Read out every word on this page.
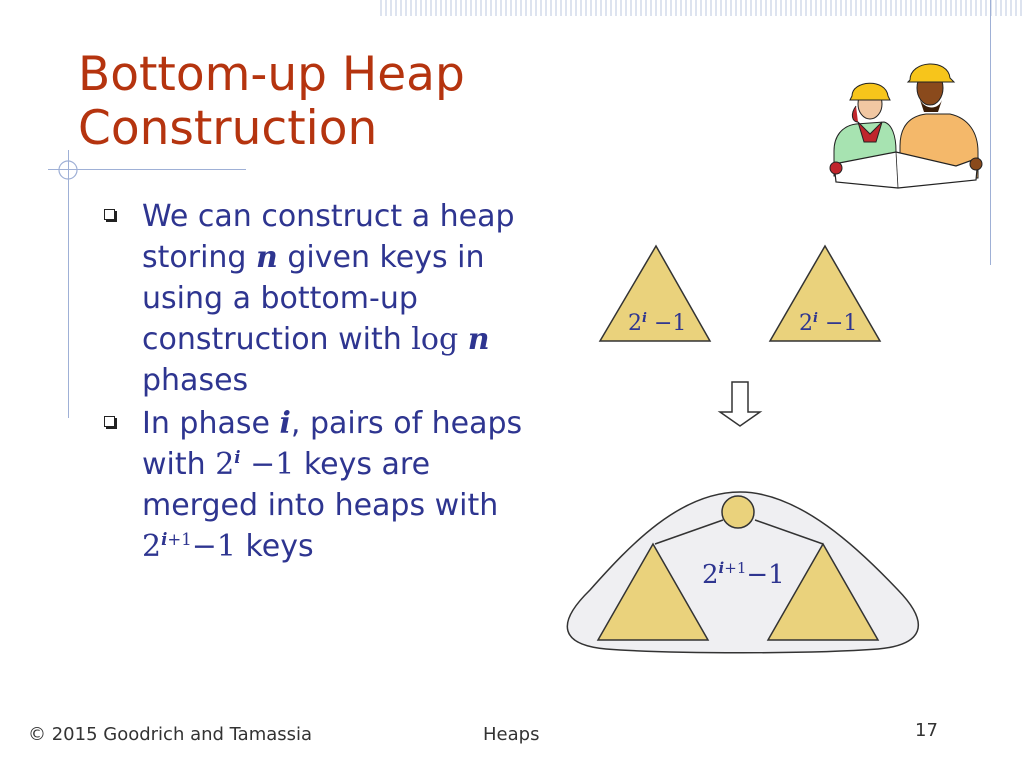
Bottom-up Heap
Construction
We can construct a heap storing n given keys in using a bottom-up construction with log n phases
In phase i, pairs of heaps with $2^i -1$ keys are merged into heaps with $2^{i+1}-1$ keys
$2^i -1$	$2^i -1$
$2^i+1-1$
© 2015 Goodrich and Tamassia	Heaps	17
